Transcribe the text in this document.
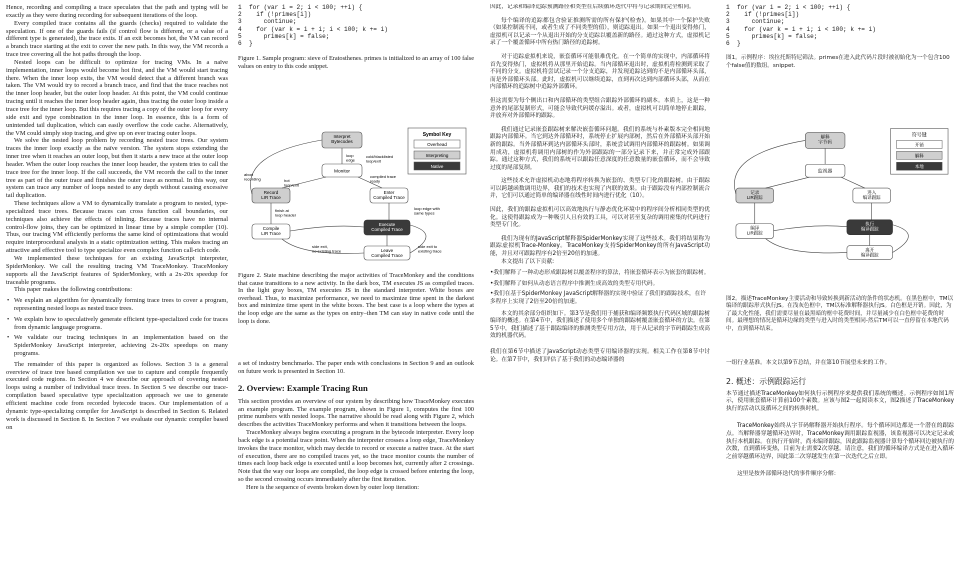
Hence, recording and compiling a trace speculates that the path and typing will be exactly as they were during recording for subsequent iterations of the loop.

Every compiled trace contains all the guards (checks) required to validate the speculation. If one of the guards fails (if control flow is different, or a value of a different type is generated), the trace exits. If an exit becomes hot, the VM can record a branch trace starting at the exit to cover the new path. In this way, the VM records a trace tree covering all the hot paths through the loop.

Nested loops can be difficult to optimize for tracing VMs. In a naïve implementation, inner loops would become hot first, and the VM would start tracing there. When the inner loop exits, the VM would detect that a different branch was taken. The VM would try to record a branch trace, and find that the trace reaches not the inner loop header, but the outer loop header. At this point, the VM could continue tracing until it reaches the inner loop header again, thus tracing the outer loop inside a trace tree for the inner loop. But this requires tracing a copy of the outer loop for every side exit and type combination in the inner loop. In essence, this is a form of unintended tail duplication, which can easily overflow the code cache. Alternatively, the VM could simply stop tracing, and give up on ever tracing outer loops.

We solve the nested loop problem by recording nested trace trees. Our system traces the inner loop exactly as the naïve version. The system stops extending the inner tree when it reaches an outer loop, but then it starts a new trace at the outer loop header. When the outer loop reaches the inner loop header, the system tries to call the trace tree for the inner loop. If the call succeeds, the VM records the call to the inner tree as part of the outer trace and finishes the outer trace as normal. In this way, our system can trace any number of loops nested to any depth without causing excessive tail duplication.

These techniques allow a VM to dynamically translate a program to nested, type-specialized trace trees. Because traces can cross function call boundaries, our techniques also achieve the effects of inlining. Because traces have no internal control-flow joins, they can be optimized in linear time by a simple compiler (10). Thus, our tracing VM efficiently performs the same kind of optimizations that would require interprocedural analysis in a static optimization setting. This makes tracing an attractive and effective tool to type specialize even complex function call-rich code.

We implemented these techniques for an existing JavaScript interpreter, SpiderMonkey. We call the resulting tracing VM TraceMonkey. TraceMonkey supports all the JavaScript features of SpiderMonkey, with a 2x-20x speedup for traceable programs.

This paper makes the following contributions:

• We explain an algorithm for dynamically forming trace trees to cover a program, representing nested loops as nested trace trees.
• We explain how to speculatively generate efficient type-specialized code for traces from dynamic language programs.
• We validate our tracing techniques in an implementation based on the SpiderMonkey JavaScript interpreter, achieving 2x-20x speedups on many programs.

The remainder of this paper is organized as follows. Section 3 is a general overview of trace tree based compilation we use to capture and compile frequently executed code regions. In Section 4 we describe our approach of covering nested loops using a number of individual trace trees. In Section 5 we describe our trace-compilation based speculative type specialization approach we use to generate efficient machine code from recorded bytecode traces. Our implementation of a dynamic type-specializing compiler for JavaScript is described in Section 6. Related work is discussed in Section 8. In Section 7 we evaluate our dynamic compiler based on

1  for (var i = 2; i < 100; ++i) {
2    if (!primes[i])
3      continue;
4    for (var k = i + i; i < 100; k += i)
5      primes[k] = false;
6  }

Figure 1. Sample program: sieve of Eratosthenes. primes is initialized to an array of 100 false values on entry to this code snippet.

Symbol Key
Overhead
Interpreting
Native
Interpret Bytecodes
Monitor
Record LIR Trace
Enter Compiled Trace
Compile LIR Trace
Execute Compiled Trace
Leave Compiled Trace
loop edge
hot loop/exit
abort recording
finish at loop header
cold/blacklisted loop/exit
compiled trace ready
loop edge with same types
side exit, no existing trace
side exit to existing trace

Figure 2. State machine describing the major activities of TraceMonkey and the conditions that cause transitions to a new activity. In the dark box, TM executes JS as compiled traces. In the light gray boxes, TM executes JS in the standard interpreter. White boxes are overhead. Thus, to maximize performance, we need to maximize time spent in the darkest box and minimize time spent in the white boxes. The best case is a loop where the types at the loop edge are the same as the types on entry–then TM can stay in native code until the loop is done.

a set of industry benchmarks. The paper ends with conclusions in Section 9 and an outlook on future work is presented in Section 10.

2. Overview: Example Tracing Run

This section provides an overview of our system by describing how TraceMonkey executes an example program. The example program, shown in Figure 1, computes the first 100 prime numbers with nested loops. The narrative should be read along with Figure 2, which describes the activities TraceMonkey performs and when it transitions between the loops.

TraceMonkey always begins executing a program in the bytecode interpreter. Every loop back edge is a potential trace point. When the interpreter crosses a loop edge, TraceMonkey invokes the trace monitor, which may decide to record or execute a native trace. At the start of execution, there are no compiled traces yet, so the trace monitor counts the number of times each loop back edge is executed until a loop becomes hot, currently after 2 crossings. Note that the way our loops are compiled, the loop edge is crossed before entering the loop, so the second crossing occurs immediately after the first iteration.

Here is the sequence of events broken down by outer loop iteration:

因此，记录和编译追踪预测路径和类型在后续循环迭代中将与记录期间完全相同。

每个编译的追踪都包含验证推测所需的所有保护(检查)。如果其中一个保护失败（如果控制流不同，或者生成了不同类型的值），则追踪退出。如果一个退出变得热门，虚拟机可以记录一个从退出开始的分支追踪以覆盖新的路径。通过这种方式，虚拟机记录了一个覆盖循环中所有热门路径的追踪树。

对于追踪虚拟机来说，嵌套循环可能很难优化。在一个简单的实现中，内部循环将首先变得热门，虚拟机将从那里开始追踪。当内部循环退出时，虚拟机将检测到采取了不同的分支。虚拟机将尝试记录一个分支追踪，并发现追踪达到的不是内部循环头部，而是外部循环头部。此时，虚拟机可以继续追踪，直到再次达到内部循环头部，从而在内部循环的追踪树中追踪外部循环。

但这需要为每个侧出口和内部循环的类型组合跟踪外部循环的副本。本质上，这是一种意外的尾部复制形式，可能会导致代码缓存溢出。或者，虚拟机可以简单地停止跟踪，并放弃对外部循环的跟踪。

我们通过记录嵌套跟踪树来解决嵌套循环问题。我们的系统与朴素版本完全相同地跟踪内部循环。当它到达外部循环时，系统停止扩展内部树，然后在外部循环头部开始新的跟踪。当外部循环到达内部循环头部时，系统尝试调用内部循环的跟踪树。如果调用成功，虚拟机将调用内部树的作为外部跟踪的一部分记录下来，并正常完成外部跟踪。通过这种方式，我们的系统可以跟踪任意深度的任意数量的嵌套循环，而不会导致过度的尾部复制。

这些技术允许虚拟机动态地将程序转换为嵌套的、类型专门化的跟踪树。由于跟踪可以跨越函数调用边界，我们的技术也实现了内联的效果。由于跟踪没有内部控制流合并，它们可以通过简单的编译器在线性时间内进行优化（10）。

因此，我们的跟踪虚拟机可以高效地执行与静态优化环境中的程序间分析相同类型的优化。这使得跟踪成为一种吸引人且有效的工具，可以对甚至复杂的调用密集的代码进行类型专门化。

我们为现有的JavaScript解释器SpiderMonkey实现了这些技术。我们将结果称为跟踪虚拟机Trace-Monkey。TraceMonkey支持SpiderMonkey的所有JavaScript功能，并且对可跟踪程序有2倍至20倍的加速。

本文提出了以下贡献:

•我们解释了一种动态形成跟踪树以覆盖程序的算法，将嵌套循环表示为嵌套的跟踪树。
•我们解释了如何从动态语言程序中推测生成高效的类型专用代码。
•我们在基于SpiderMonkey JavaScript解释器的实现中验证了我们的跟踪技术，在许多程序上实现了2倍至20倍的加速。

本文的其余部分组织如下。第3节是我们用于捕获和编译频繁执行代码区域的跟踪树编译的概述。在第4节中，我们描述了使用多个单独的跟踪树覆盖嵌套循环的方法。在第5节中，我们描述了基于跟踪编译的推测类型专用方法，用于从记录的字节码跟踪生成高效的机器代码。

我们在第6节中描述了JavaScript动态类型专用编译器的实现。相关工作在第8节中讨论。在第7节中，我们评估了基于我们的动态编译器的

1  for (var i = 2; i < 100; ++i) {
2    if (!primes[i])
3      continue;
4    for (var k = i + i; i < 100; k += i)
5      primes[k] = false;
6  }

图1。示例程序：埃拉托斯特尼筛法。primes在进入此代码片段时被初始化为一个包含100个false值的数组。snippet.

符号键
开销
解释
本地
解释字节码
监视器
记录 LIR跟踪
进入编译跟踪
编译 LIR跟踪
执行编译跟踪
离开编译跟踪

图2。描述TraceMonkey主要活动和导致转换到新活动的条件的状态机。在黑色框中，TM以编译的跟踪形式执行JS。在浅灰色框中，TM以标准解释器执行JS。白色框是开销。因此，为了最大化性能，我们需要尽量在最黑暗的框中花费时间，并尽量减少在白色框中花费的时间。最理想的情况是循环边缘的类型与进入时的类型相同-然后TM可以一直停留在本地代码中，直到循环结束。

一组行业基准。本文以第9节总结，并在第10节展望未来的工作。

2. 概述：示例跟踪运行

本节通过描述TraceMonkey如何执行示例程序来提供我们系统的概述。示例程序如图1所示，使用嵌套循环计算前100个素数。应该与图2一起阅读本文，图2描述了TraceMonkey执行的活动以及循环之间的转换时机。

TraceMonkey始终从字节码解释器开始执行程序。每个循环回边都是一个潜在的跟踪点。当解释器穿越循环边界时，TraceMonkey调用跟踪监视器，该监视器可以决定记录或执行本机跟踪。在执行开始时，尚未编译跟踪，因此跟踪监视器计算每个循环回边被执行的次数，直到循环变热，目前为止需要2次穿越。请注意，我们的循环编译方式是在进入循环之前穿越循环边界，因此第二次穿越发生在第一次迭代之后立即。

这里是按外部循环迭代的事件顺序分解：
